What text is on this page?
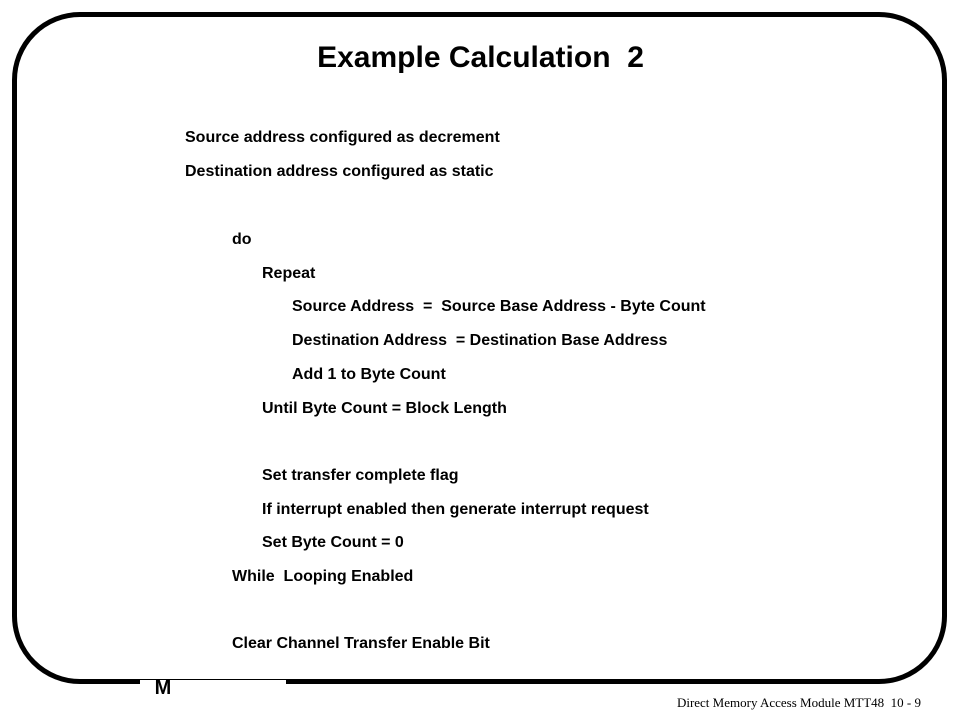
Example Calculation  2
Source address configured as decrement
Destination address configured as static
do
Repeat
Source Address  =  Source Base Address - Byte Count
Destination Address  = Destination Base Address
Add 1 to Byte Count
Until Byte Count = Block Length
Set transfer complete flag
If interrupt enabled then generate interrupt request
Set Byte Count = 0
While  Looping Enabled
Clear Channel Transfer Enable Bit
M
Direct Memory Access Module MTT48  10 - 9
